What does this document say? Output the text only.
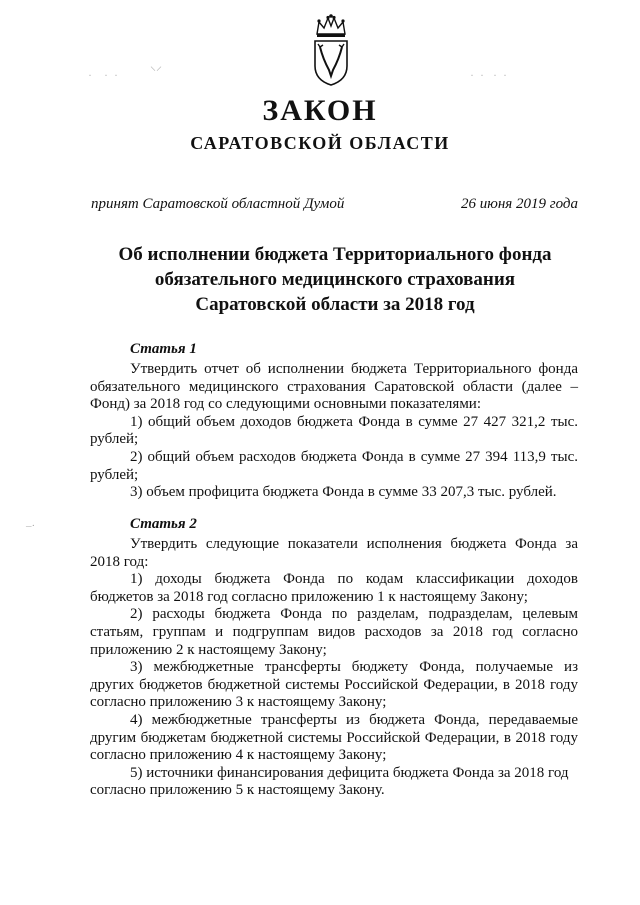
·    ·  ·	⸌⸍	·  ·   ·  ·
ЗАКОН
САРАТОВСКОЙ ОБЛАСТИ
принят Саратовской областной Думой	26 июня 2019 года
Об исполнении бюджета Территориального фонда
обязательного медицинского страхования
Саратовской области за 2018 год
Статья 1

Утвердить отчет об исполнении бюджета Территориального фонда обязательного медицинского страхования Саратовской области (далее – Фонд) за 2018 год со следующими основными показателями:

1) общий объем доходов бюджета Фонда в сумме 27 427 321,2 тыс. рублей;

2) общий объем расходов бюджета Фонда в сумме 27 394 113,9 тыс. рублей;

3) объем профицита бюджета Фонда в сумме 33 207,3 тыс. рублей.

Статья 2

Утвердить следующие показатели исполнения бюджета Фонда за 2018 год:

1) доходы бюджета Фонда по кодам классификации доходов бюджетов за 2018 год согласно приложению 1 к настоящему Закону;

2) расходы бюджета Фонда по разделам, подразделам, целевым статьям, группам и подгруппам видов расходов за 2018 год согласно приложению 2 к настоящему Закону;

3) межбюджетные трансферты бюджету Фонда, получаемые из других бюджетов бюджетной системы Российской Федерации, в 2018 году согласно приложению 3 к настоящему Закону;

4) межбюджетные трансферты из бюджета Фонда, передаваемые другим бюджетам бюджетной системы Российской Федерации, в 2018 году согласно приложению 4 к настоящему Закону;

5) источники финансирования дефицита бюджета Фонда за 2018 год согласно приложению 5 к настоящему Закону.

–·
